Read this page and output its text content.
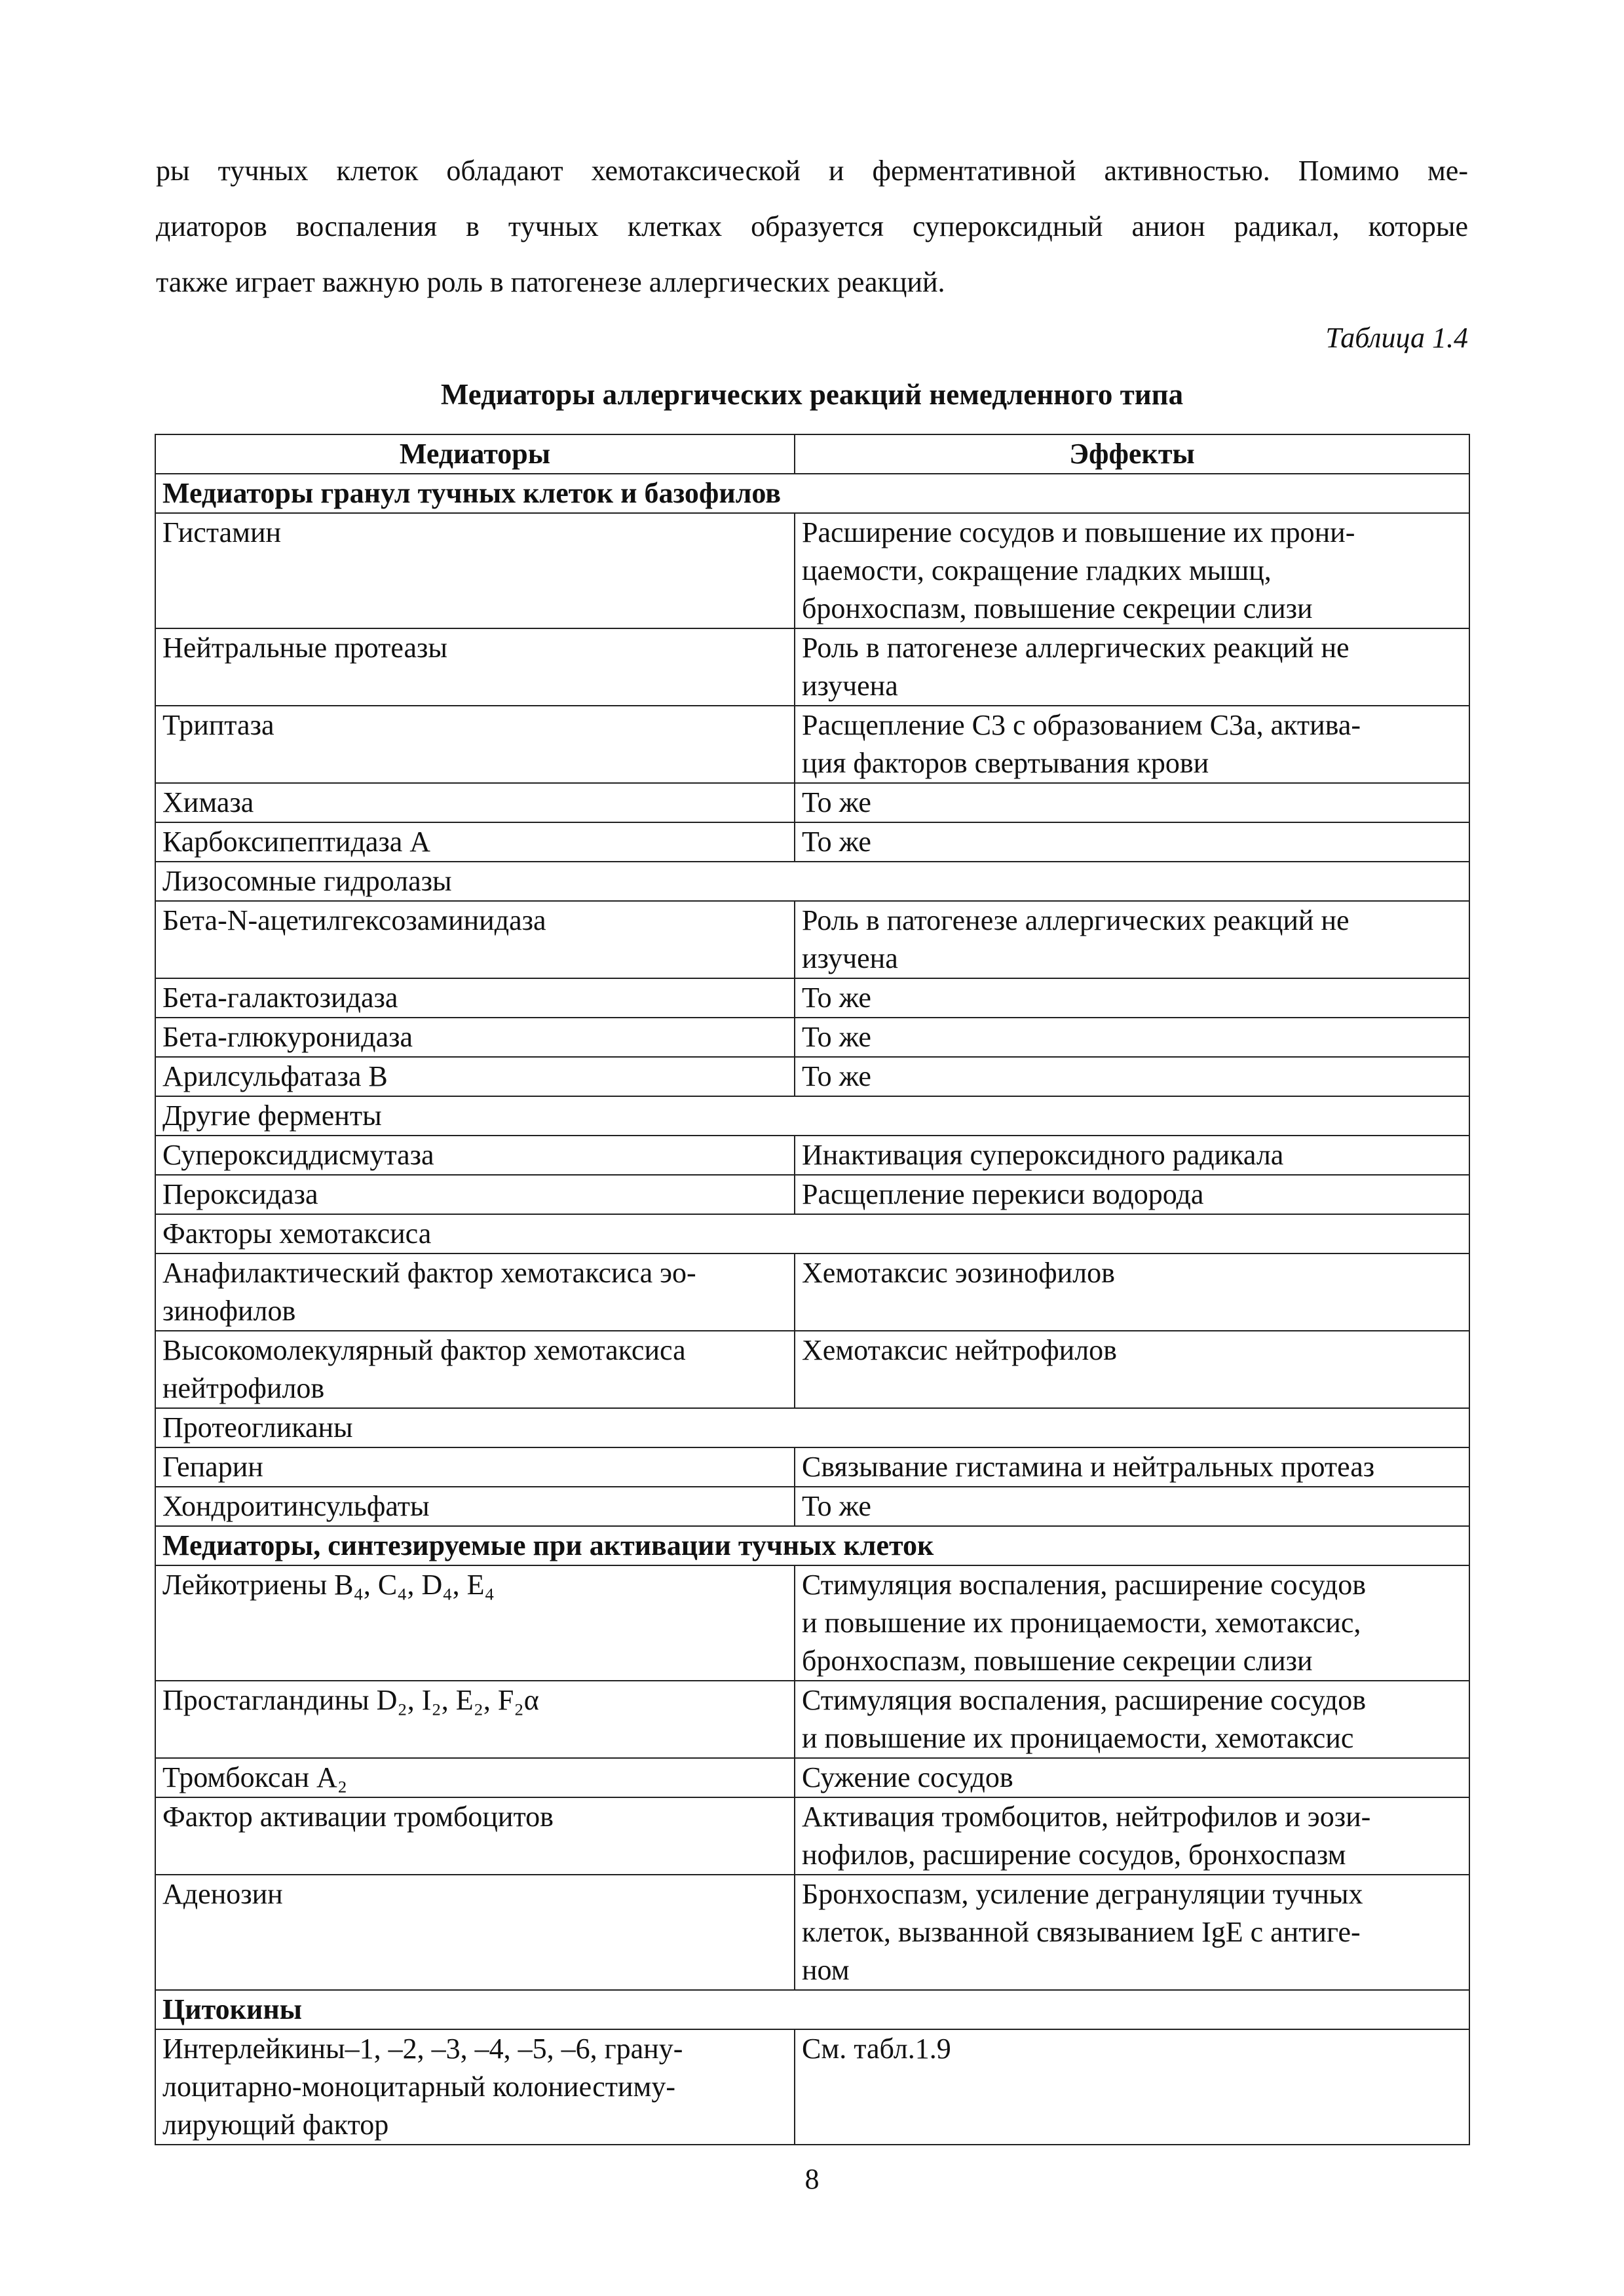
ры тучных клеток обладают хемотаксической и ферментативной активностью. Помимо ме-
диаторов воспаления в тучных клетках образуется супероксидный анион радикал, которые
также играет важную роль в патогенезе аллергических реакций.
Таблица 1.4
Медиаторы аллергических реакций немедленного типа
Медиаторы	Эффекты
Медиаторы гранул тучных клеток и базофилов	

Гистамин	Расширение сосудов и повышение их прони-
цаемости, сокращение гладких мышц,
бронхоспазм, повышение секреции слизи

Нейтральные протеазы	Роль в патогенезе аллергических реакций не
изучена

Триптаза	Расщепление С3 с образованием С3а, актива-
ция факторов свертывания крови

Химаза	То же

Карбоксипептидаза А	То же

Лизосомные гидролазы	

Бета-N-ацетилгексозаминидаза	Роль в патогенезе аллергических реакций не
изучена

Бета-галактозидаза	То же

Бета-глюкуронидаза	То же

Арилсульфатаза В	То же

Другие ферменты	

Супероксиддисмутаза	Инактивация супероксидного радикала

Пероксидаза	Расщепление перекиси водорода

Факторы хемотаксиса	

Анафилактический фактор хемотаксиса эо-
зинофилов	Хемотаксис эозинофилов

Высокомолекулярный фактор хемотаксиса
нейтрофилов	Хемотаксис нейтрофилов

Протеогликаны	

Гепарин	Связывание гистамина и нейтральных протеаз

Хондроитинсульфаты	То же

Медиаторы, синтезируемые при активации тучных клеток	

Лейкотриены B₄, C₄, D₄, E₄	Стимуляция воспаления, расширение сосудов
и повышение их проницаемости, хемотаксис,
бронхоспазм, повышение секреции слизи

Простагландины D₂, I₂, E₂, F₂α	Стимуляция воспаления, расширение сосудов
и повышение их проницаемости, хемотаксис

Тромбоксан А₂	Сужение сосудов

Фактор активации тромбоцитов	Активация тромбоцитов, нейтрофилов и эози-
нофилов, расширение сосудов, бронхоспазм

Аденозин	Бронхоспазм, усиление дегрануляции тучных
клеток, вызванной связыванием IgE с антиге-
ном

Цитокины	

Интерлейкины–1, –2, –3, –4, –5, –6, грану-
лоцитарно-моноцитарный колониестиму-
лирующий фактор	См. табл.1.9
8
